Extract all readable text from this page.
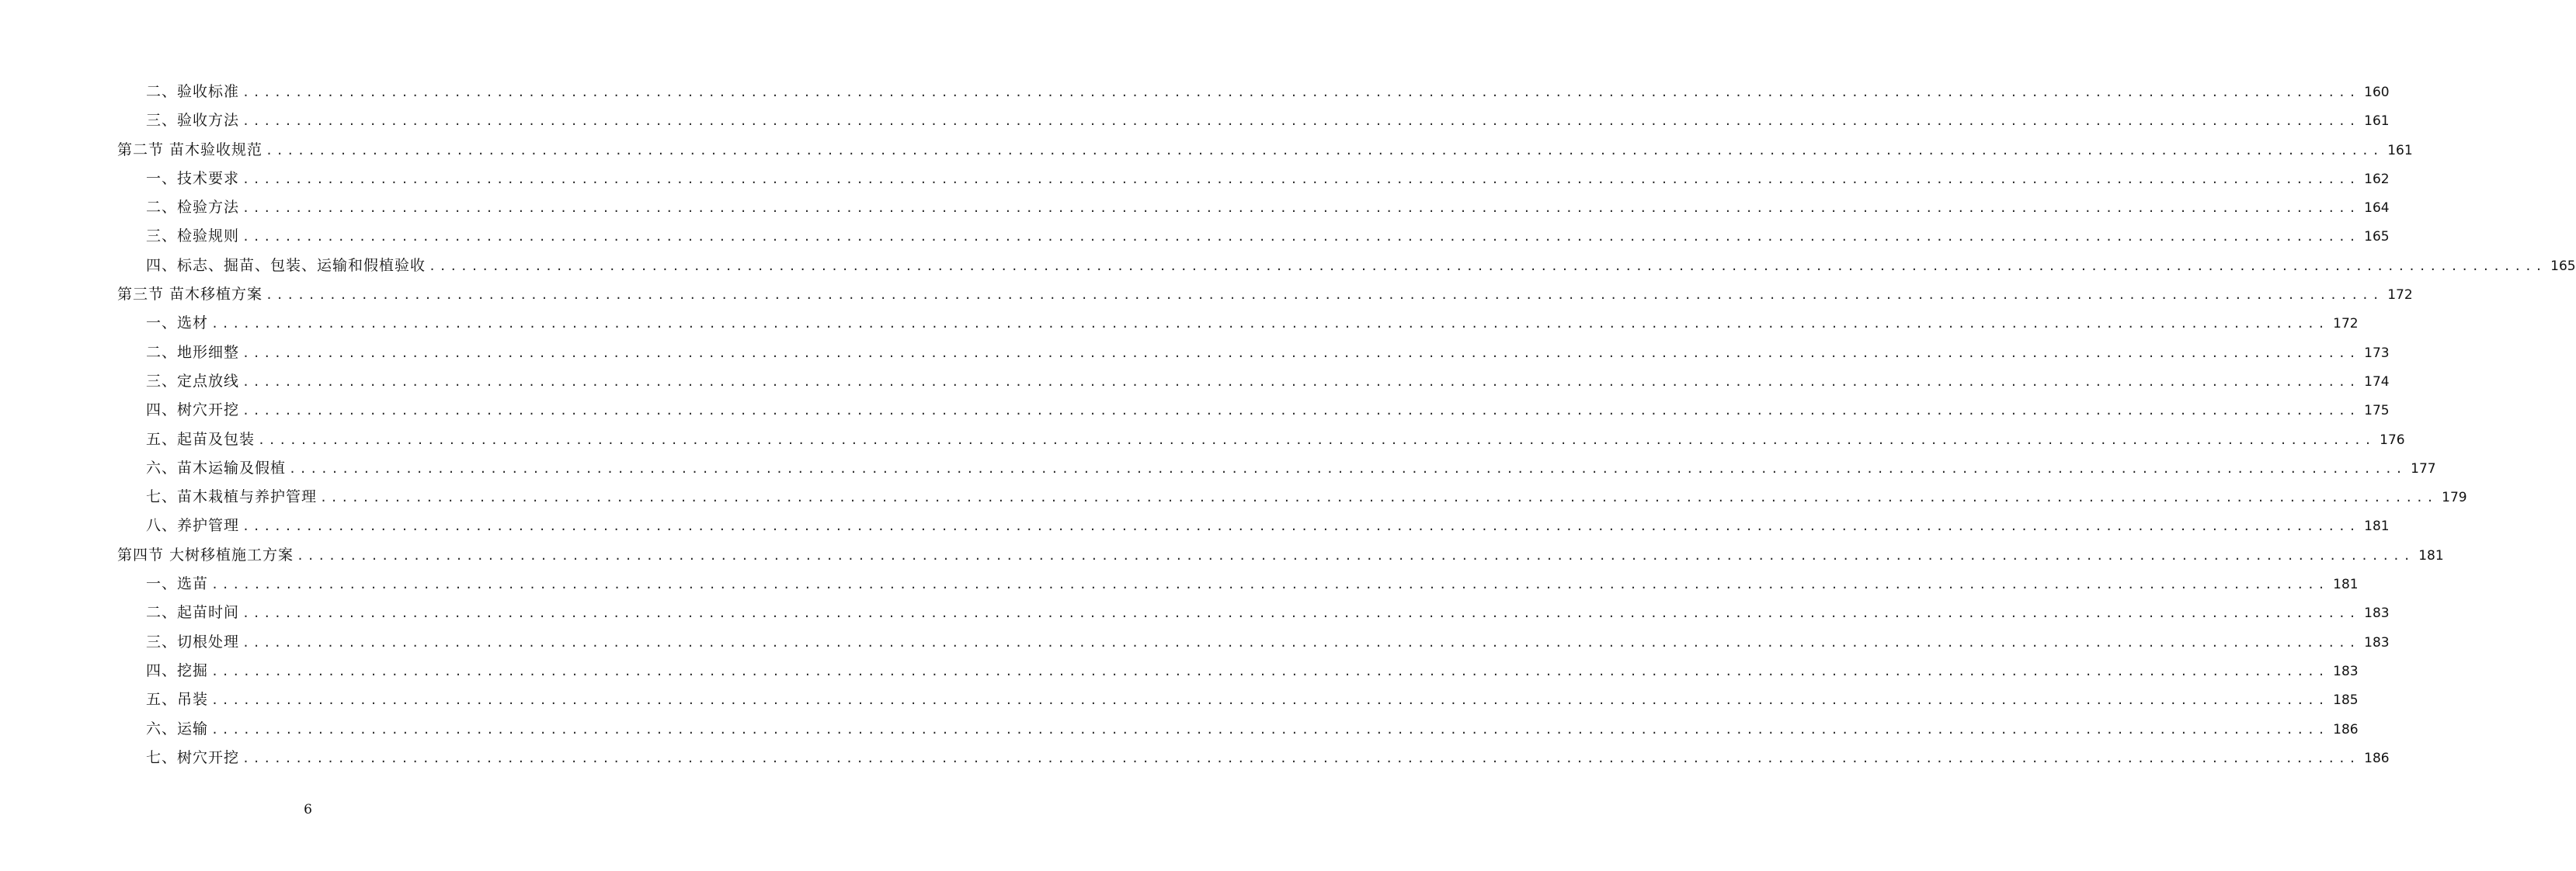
二、验收标准 ........................................................................................................................................................................................................ 160
三、验收方法 ........................................................................................................................................................................................................ 161
第二节 苗木验收规范 ........................................................................................................................................................................................................ 161
一、技术要求 ........................................................................................................................................................................................................ 162
二、检验方法 ........................................................................................................................................................................................................ 164
三、检验规则 ........................................................................................................................................................................................................ 165
四、标志、掘苗、包装、运输和假植验收 ........................................................................................................................................................................................................ 165
第三节 苗木移植方案 ........................................................................................................................................................................................................ 172
一、选材 ........................................................................................................................................................................................................ 172
二、地形细整 ........................................................................................................................................................................................................ 173
三、定点放线 ........................................................................................................................................................................................................ 174
四、树穴开挖 ........................................................................................................................................................................................................ 175
五、起苗及包装 ........................................................................................................................................................................................................ 176
六、苗木运输及假植 ........................................................................................................................................................................................................ 177
七、苗木栽植与养护管理 ........................................................................................................................................................................................................ 179
八、养护管理 ........................................................................................................................................................................................................ 181
第四节 大树移植施工方案 ........................................................................................................................................................................................................ 181
一、选苗 ........................................................................................................................................................................................................ 181
二、起苗时间 ........................................................................................................................................................................................................ 183
三、切根处理 ........................................................................................................................................................................................................ 183
四、挖掘 ........................................................................................................................................................................................................ 183
五、吊装 ........................................................................................................................................................................................................ 185
六、运输 ........................................................................................................................................................................................................ 186
七、树穴开挖 ........................................................................................................................................................................................................ 186
6
